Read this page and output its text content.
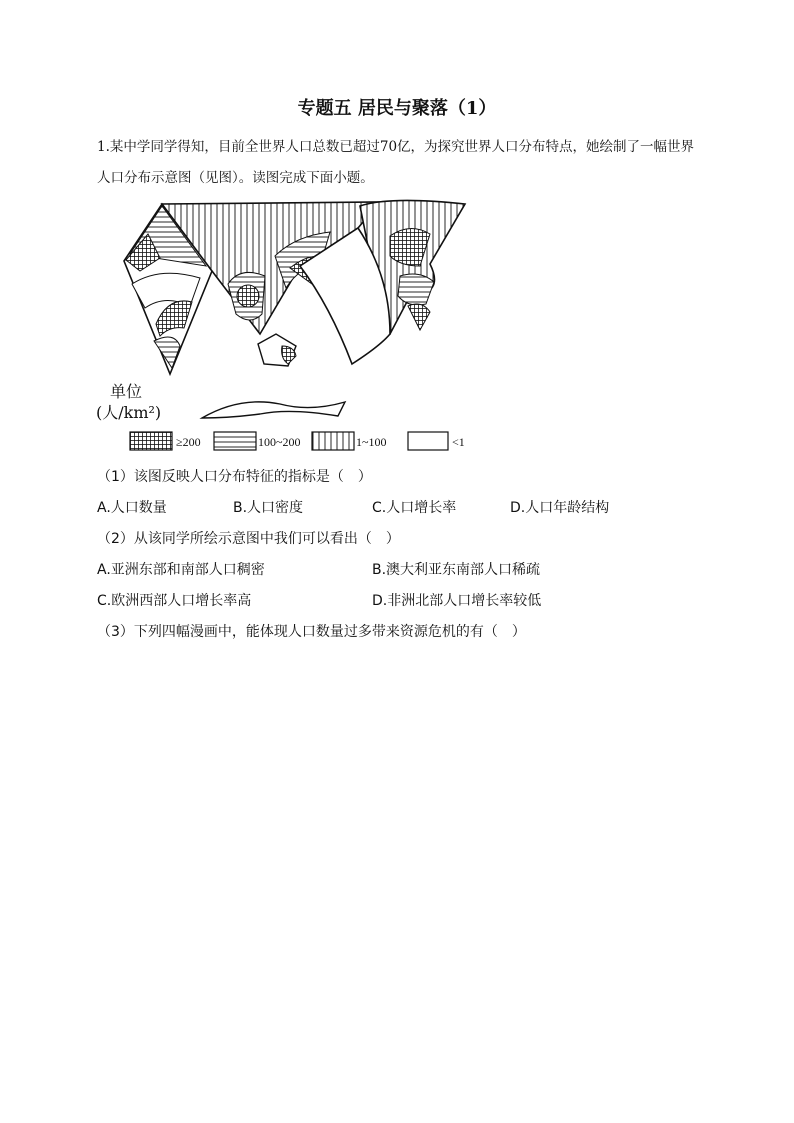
专题五 居民与聚落（1）
1.某中学同学得知，目前全世界人口总数已超过70亿，为探究世界人口分布特点，她绘制了一幅世界人口分布示意图（见图）。读图完成下面小题。
≥200	100~200	1~100	<1
单位
(人/km²)
（1）该图反映人口分布特征的指标是（　）
A.人口数量	B.人口密度	C.人口增长率	D.人口年龄结构
（2）从该同学所绘示意图中我们可以看出（　）
A.亚洲东部和南部人口稠密	B.澳大利亚东南部人口稀疏
C.欧洲西部人口增长率高	D.非洲北部人口增长率较低
（3）下列四幅漫画中，能体现人口数量过多带来资源危机的有（　）
